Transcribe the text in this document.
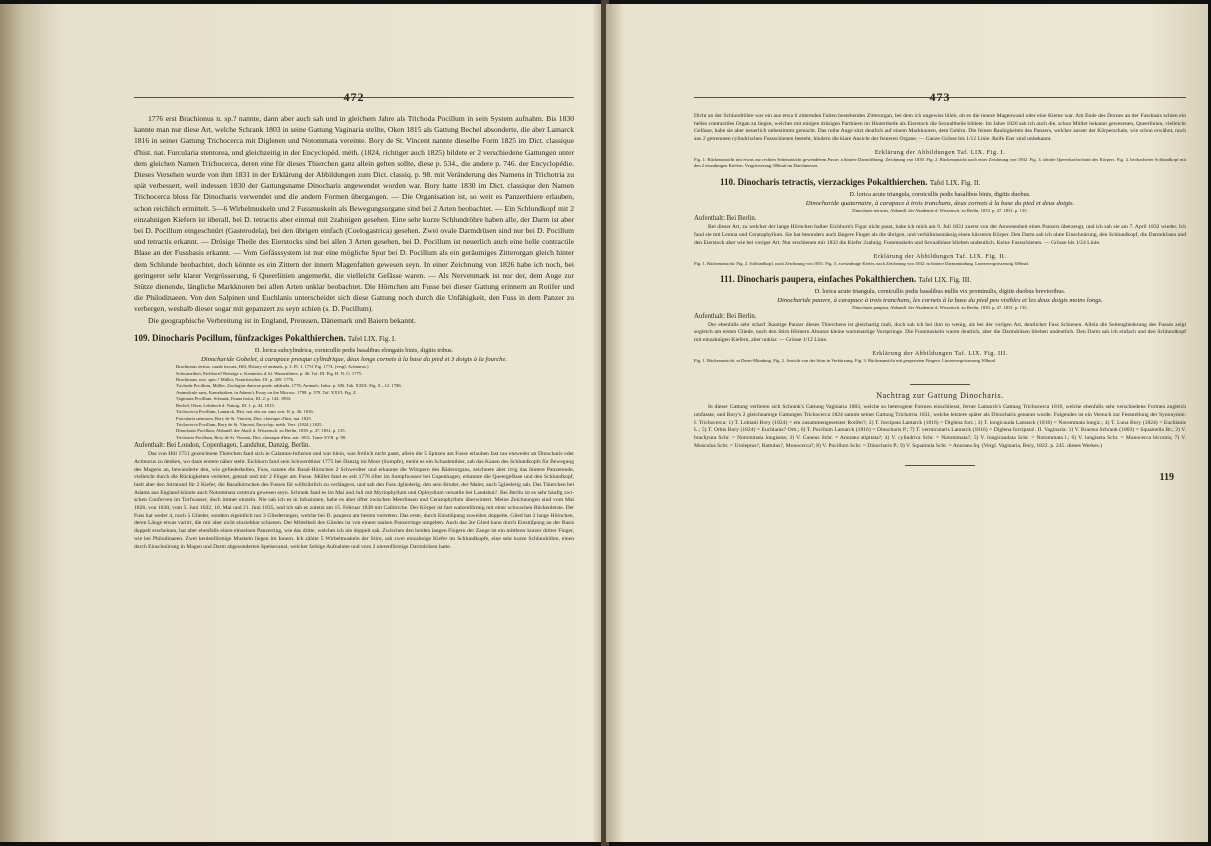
472

1776 erst Brachionus n. sp.? nannte, dann aber auch sah und in gleichem Jahre als Trichoda Pocillum in sein System aufnahm. Bis 1830 kannte man nur diese Art, welche Schrank 1803 in seine Gattung Vaginaria stellte, Oken 1815 als Gattung Bechel absonderte, die aber Lamarck 1816 in seiner Gattung Trichocerca mit Diglenen und Notommata vereinte. Bory de St. Vincent nannte dieselbe Form 1825 im Dict. classique d'hist. nat. Furcularia stentorea, und gleichzeitig in der Encyclopéd. méth. (1824, richtiger auch 1825) bildete er 2 verschiedene Gattungen unter dem gleichen Namen Trichocerca, deren eine für dieses Thierchen ganz allein gelten sollte, diese p. 534., die andere p. 746. der Encyclopédie. Dieses Versehen wurde von ihm 1831 in der Erklärung der Abbildungen zum Dict. classiq. p. 98. mit Veränderung des Namens in Trichotria zu spät verbessert, weil indessen 1830 der Gattungsname Dinocharis angewendet worden war. Bory hatte 1830 im Dict. classique den Namen Trichocerca bloss für Dinocharis verwendet und die andern Formen übergangen. — Die Organisation ist, so weit es Panzerthiere erlauben, schon reichlich ermittelt. 5—6 Wirbelmuskeln und 2 Fussmuskeln als Bewegungsorgane sind bei 2 Arten beobachtet. — Ein Schlundkopf mit 2 einzahnigen Kiefern ist überall, bei D. tetractis aber einmal mit 2zahnigen gesehen. Eine sehr kurze Schlundröhre haben alle, der Darm ist aber bei D. Pocillum eingeschnürt (Gasterodela), bei den übrigen einfach (Coelogastrica) gesehen. Zwei ovale Darmdrüsen sind nur bei D. Pocillum und tetractis erkannt. — Drüsige Theile des Eierstocks sind bei allen 3 Arten gesehen, bei D. Pocillum ist neuerlich auch eine helle contractile Blase an der Fussbasis erkannt. — Vom Gefässsystem ist nur eine mögliche Spur bei D. Pocillum als ein geräumiges Zitterorgan gleich hinter dem Schlunde beobachtet, doch könnte es ein Zittern der innern Magenfalten gewesen seyn. In einer Zeichnung von 1826 habe ich noch, bei geringerer sehr klarer Vergrösserung, 6 Queerlinien angemerkt, die vielleicht Gefässe waren. — Als Nervenmark ist nur der, dem Auge zur Stütze dienende, längliche Markknoten bei allen Arten unklar beobachtet. Die Hörnchen am Fusse bei dieser Gattung erinnern an Rotifer und die Philodinaeen. Von den Salpinen und Euchlanis unterscheidet sich diese Gattung noch durch die Unfähigkeit, den Fuss in dem Panzer zu verbergen, weshalb dieser sogar mit gepanzert zu seyn schien (s. D. Pocillum).

Die geographische Verbreitung ist in England, Preussen, Dänemark und Baiern bekannt.

109. Dinocharis Pocillum, fünfzackiges Pokalthierchen. Tafel LIX. Fig. I.

D. lorica subcylindrica, cornicullis pedis basalibus elongatis binis, digitis tribus.

Dinocharide Gobelet, à carapace presque cylindrique, deux longs cornets à la base du pied et 3 doigts à la fourche.

Brachionus tertius, cauda furcata, Hill, History of animals, p. 3. Pl. 1. 1751 Fig. 1774. (vergl. Actinurus.)

Schwanzthier, Eichhorn? Beiträge z. Kenntniss d. kl. Wasserthiere, p. 46. Taf. III. Fig. H. N. O. 1775.

Brachionus, nov. spec.? Müller, Naturforscher, IX. p. 209. 1776.

Trichoda Pocillum, Müller, Zoologiae danicae prodr. addenda, 1776. Animalc. Infus. p. 306. Tab. XXIX. Fig. 9—12. 1786.

Animalcule sans, Kameluaken, in Adams's Essay on the Microsc. 1798. p. 579. Taf. XXVI. Fig. Z.

Vaginaria Pocillum, Schrank, Fauna boica, III. 2. p. 144. 1803.

Bechel, Oken, Lehrbuch d. Naturg. III. 1. p. 44. 1815.

Trichocerca Pocillum, Lamarck, Hist. nat. des an. sans vert. II. p. 26. 1816.

Furcularia stentorea, Bory de St. Vincent, Dict. classique d'hist. nat. 1825.

Trichocerca Pocillum, Bory de St. Vincent, Encyclop. méth. Vers. (1824.) 1825.

Dinocharis Pocillum, Abhandl. der Akad. d. Wissensch. zu Berlin, 1830. p. 47. 1831. p. 135.

Trichotria Pocillum, Bory de St. Vincent, Dict. classique d'hist. nat. 1831. Tome XVII. p. 98.

Aufenthalt: Bei London, Copenhagen, Landshut, Danzig, Berlin.

Das von Hill 1751 gezeichnete Thierchen fand sich in Calamus-Infusion und war klein, was freilich nicht passt, allein die 5 Spitzen am Fusse erlauben fast nur entweder an Dinocharis oder Actinurus zu denken, wo dann erstere näher steht. Eichhorn fand sein Schwerdthier 1775 bei Danzig im Moor (Sumpfe), meint es ein Schaalenthier, sah das Kauen des Schlundkopfs für Bewegung des Magens an, bewunderte den, wie gefiederkelten, Fuss, nannte die Basal-Hörnchen 2 Schwerdter und erkannte die Wimpern des Räderorgans, zeichnete aber irrig das hintere Panzerende, vielleicht durch die Rückigkeiten verleitet, gemalt und mir 2 Finger am Fusse. Müller fand es seit 1776 öfter im Sumpfwasser bei Copenhagen, erkannte die Queergefässe und den Schlundkopf, hielt aber den Stirnrand für 2 Kiefer, die Basalhörnchen des Fusses für willkührlich zu verlängern, und sah den Fuss 4gliederig, den sein Bruder, der Maler, auch 5gliederig sah. Das Thierchen bei Adams aus England könnte auch Notommata centrura gewesen seyn. Schrank fand es im Mai und Juli mit Myriophyllum und Ophrydium versatile bei Landshut?. Bei Berlin ist es sehr häufig zwischen Conferven im Torfwasser, doch immer einzeln. Nie sah ich es in Infusionen, habe es aber öfter zwischen Meerlinsen und Ceratophyllum überwintert. Meine Zeichnungen sind vom Mai 1826, von 1830, vom 5. Juni 1832, 10. Mai und 21. Juni 1835, und ich sah es zuletzt am 15. Februar 1838 mit Callitriche. Der Körper ist fast walzenförmig mit einer schwachen Rückenleiste. Der Fuss hat weder 4, noch 5 Glieder, sondern eigentlich nur 3 Gliederungen, welche bei D. paupera am besten vortreten. Das erste, durch Einstülpung zuweilen doppelte, Glied hat 2 lange Hörnchen, deren Länge etwas variirt, die mir aber nicht einziehbar schienen. Der Mittelkeil des Gliedes ist von einem rauhen Panzerringe umgeben. Auch das 2te Glied kann durch Einstülpung an der Basis doppelt erscheinen, hat aber ebenfalls einen einzelnen Panzerring, wie das dritte, welches ich nie doppelt sah. Zwischen den beiden langen Fingern der Zange ist ein mittlerer kurzer dritter Finger, wie bei Philodinaeen. Zwei keulenförmige Muskeln liegen im Innern. Ich zählte 5 Wirbelmuskeln der Stirn, sah zwei einzahnige Kiefer im Schlundkopfe, eine sehr kurze Schlundröhre, einen durch Einschnürung in Magen und Darm abgesonderten Speisecanal, welcher farbige Aufnahme und vorn 2 nierenförmige Darmdrüsen hatte.

473

Dicht an der Schlundröhre war ein aus etwa 6 zitternden Falten bestehendes Zitterorgan, bei dem ich ungewiss blieb, ob es die innere Magenwand oder eine Kieme war. Am Ende des Dornes an der Fussbasis schien ein helles contractiles Organ zu liegen, welches mit einigen drüsigen Parthieen im Hintertheile als Eierstock die Sexualtheile bildete. Im Jahre 1826 sah ich auch die, schon Müller bekannt gewesenen, Queerlinien, vielleicht Gefässe, habe sie aber neuerlich unbestimmt gemacht. Das rothe Auge sitzt deutlich auf einem Markknoten, dem Gehirn. Die feinen Rauhigkeiten des Panzers, welcher ausser der Körperschale, wie schon erwähnt, noch aus 2 getrennten cylindrischen Fussschienen besteht, hindern die klare Ansicht der feineren Organe. — Ganze Grösse bis 1/12 Linie. Reife Eier sind unbekannt.

Erklärung der Abbildungen Taf. LIX. Fig. I.

Fig. 1. Rückenansicht mit etwas zur rechten Seitenansicht gewendetem Fusse; a hintere Darmöffnung. Zeichnung von 1830. Fig. 2. Rückenansicht nach einer Zeichnung von 1832. Fig. 3. idealer Queerdurchschnitt des Körpers. Fig. 4. beobachteter Schlundkopf mit den 2 einzahnigen Kiefern. Vergrösserung 300mal im Durchmesser.

110. Dinocharis tetractis, vierzackiges Pokalthierchen. Tafel LIX. Fig. II.

D. lorica acute triangula, cornicullis pedis basalibus binis, digitis duobus.

Dinocharide quaternaire, à carapace à trois tranchans, deux cornets à la base du pied et deux doigts.

Dinocharis tetractis, Abhandl. der Akademie d. Wissensch. zu Berlin, 1833. p. 47. 1831. p. 135.

Aufenthalt: Bei Berlin.

Bei dieser Art, zu welcher der lange Hörnchen halber Eichhorn's Figur nicht passt, habe ich mich am 9. Juli 1831 zuerst von der Anwesenheit eines Panzers überzeugt, und ich sah sie am 7. April 1832 wieder. Ich fand sie mit Lemna und Ceratophyllum. Sie hat besonders auch längere Finger als die übrigen, und verhältnissmässig einen kürzeren Körper. Den Darm sah ich ohne Einschnürung, den Schlundkopf, die Darmdrüsen und den Eierstock aber wie bei voriger Art. Nur erschienen mir 1832 die Kiefer 2zahnig. Fussmuskeln und Sexualblase blieben undeutlich. Keine Fussschienen. — Grösse bis 1/24 Linie.

Erklärung der Abbildungen Taf. LIX. Fig. II.

Fig. 1. Rückenansicht. Fig. 2. Schlundkopf, nach Zeichnung von 1831. Fig. 3. zweizahnige Kiefer, nach Zeichnung von 1832. m hintere Darmmündung. Linearvergrösserung 300mal.

111. Dinocharis paupera, einfaches Pokalthierchen. Tafel LIX. Fig. III.

D. lorica acute triangula, cornicullis pedis basalibus nullis vix prominulis, digitis duobus brevioribus.

Dinocharide pauvre, à carapace à trois tranchans, les cornets à la base du pied peu visibles et les deux doigts moins longs.

Dinocharis paupera, Abhandl. der Akademie d. Wissensch. zu Berlin, 1830. p. 47. 1831. p. 135.

Aufenthalt: Bei Berlin.

Der ebenfalls sehr scharf 3kantige Panzer dieses Thierchens ist gleichartig rauh, doch sah ich bei ihm so wenig, als bei der vorigen Art, deutlicher Fuss Schienen. Allein die Seitengliederung des Fusses zeigt sogleich am ersten Gliede, noch den Stirn Hörnern Absatze kleine warzenartige Vorsprünge. Die Fussmuskeln waren deutlich, aber die Darmdrüsen blieben undeutlich. Den Darm sah ich einfach und den Schlundkopf mit einzahnigen Kiefern, aber unklar. — Grösse 1/12 Linie.

Erklärung der Abbildungen Taf. LIX. Fig. III.

Fig. 1. Rückenansicht. m Darm-Mündung. Fig. 2. Ansicht von der Stirn in Verkürzung. Fig. 3. Rückenansicht mit gespreizten Fingern. Linearvergrösserung 300mal.

Nachtrag zur Gattung Dinocharis.

In dieser Gattung verlieren sich Schrank's Gattung Vaginaria 1803, welche so heterogene Formen einschliesst, ferner Lamarck's Gattung Trichocerca 1816, welche ebenfalls sehr verschiedene Formen zugleich umfasste, und Bory's 2 gleichnamige Gattungen Trichocerca 1824 sammt seiner Gattung Trichotria 1831, welche letztere später als Dinocharis genannt wurde. Folgendes ist ein Versuch zur Feststellung der Synonymie: I. Trichocerca: 1) T. Lobiatii Bory (1824) = ein zusammengesetzter Rotifer?; 2) T. forcipata Lamarck (1816) = Diglena forc.; 3) T. longicauda Lamarck (1816) = Notommata longic.; 4) T. Luna Bory (1824) = Euchlanis L.; 5) T. Orbis Bory (1824) = Euchlanis? Orb.; 6) T. Pocillum Lamarck (1816) = Dinocharis P.; 7) T. vermicularis Lamarck (1816) = Diglena forcipata!. II. Vaginaria: 1) V. Bractea Schrank (1803) = Squamella Br.; 2) V. brachyura Schr. = Notommata longiseta; 3) V. Cuneus Schr. = Anuraea stipitata?; 4) V. cylindrica Schr. = Notommata?; 5) V. longicaudata Schr. = Notommata l.; 6) V. longiseta Schr. = Monocerca bicornis; 7) V. Musculus Schr. = Uroleptus?, Rattulus?, Monocerca?; 8) V. Pocillum Schr. = Dinocharis P.; 9) V. Squamula Schr. = Anuraea Sq. (Vergl. Vaginaria, Bory, 1822. p. 245. dieses Werkes.)

119
